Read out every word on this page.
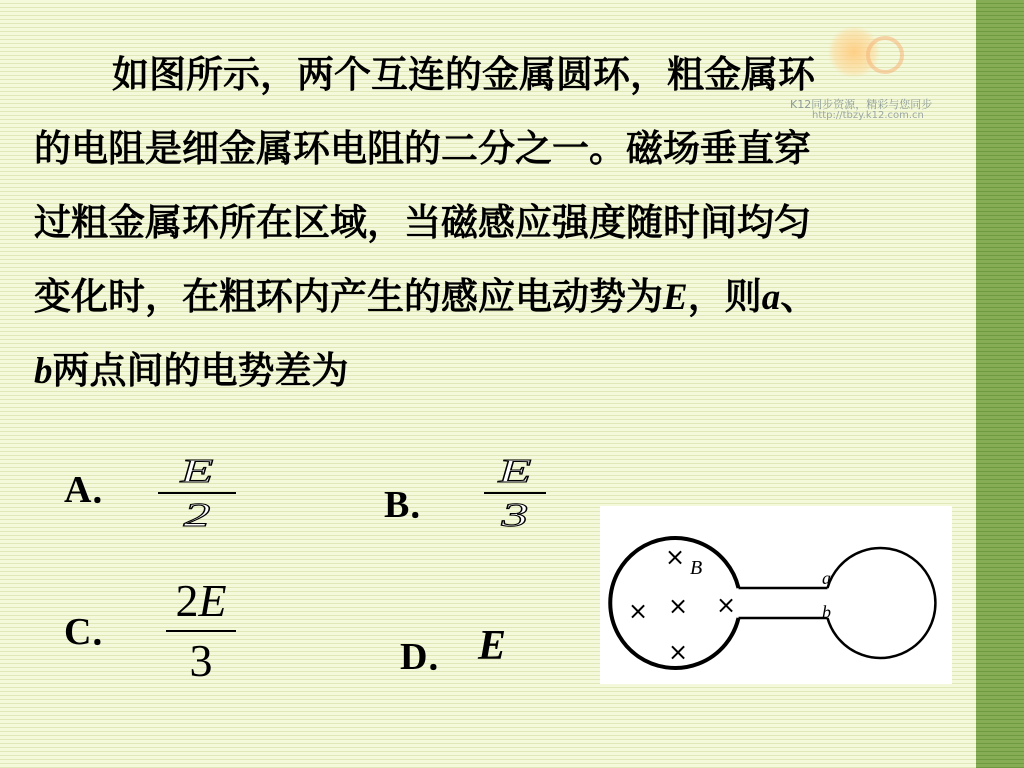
K12同步资源，精彩与您同步
http://tbzy.k12.com.cn
如图所示，两个互连的金属圆环，粗金属环
的电阻是细金属环电阻的二分之一。磁场垂直穿
过粗金属环所在区域，当磁感应强度随时间均匀
变化时，在粗环内产生的感应电动势为E，则a、
b两点间的电势差为
A． E
2	B．
E
3
C．
2E
3	D． E
×
× × ×
×
B	a
b
